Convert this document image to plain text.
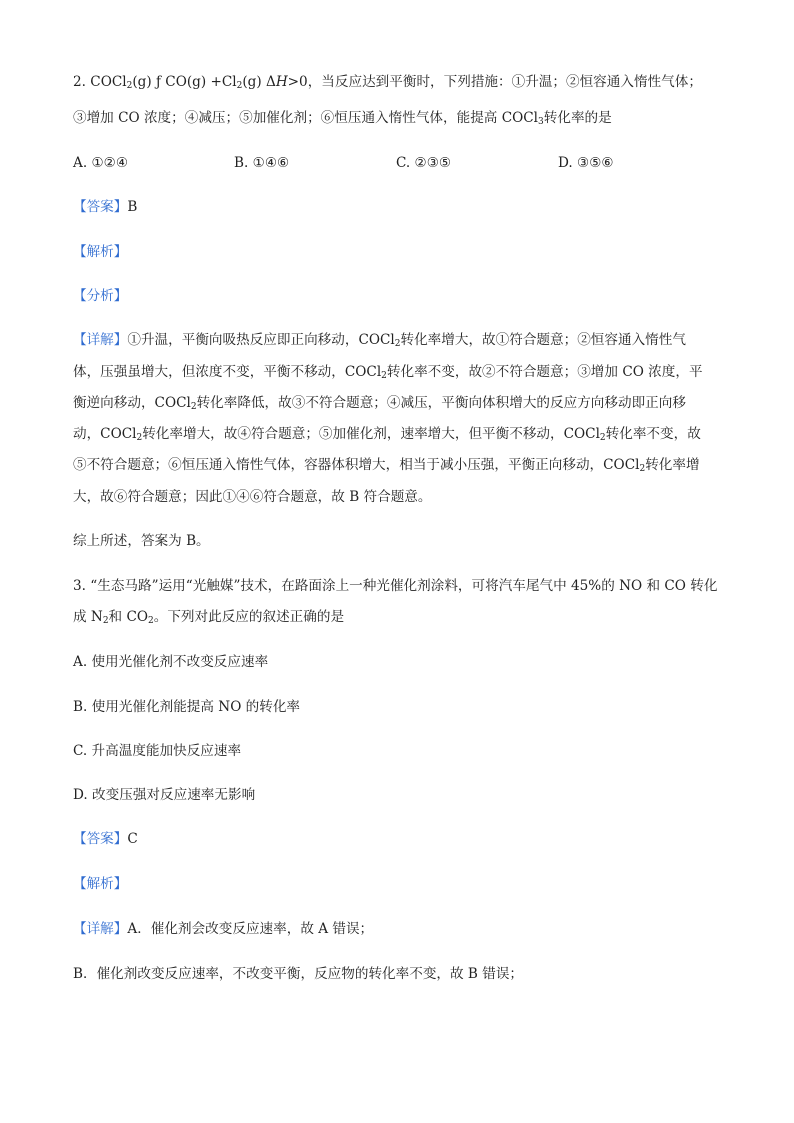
2. COCl$_2$(g) ƒ $CO(g) +Cl_2(g)$ ΔH>0，当反应达到平衡时，下列措施：①升温；②恒容通入惰性气体；
③增加 CO 浓度；④减压；⑤加催化剂；⑥恒压通入惰性气体，能提高 COCl$_3$转化率的是
A. ①②④	B. ①④⑥	C. ②③⑤	D. ③⑤⑥
【答案】B
【解析】
【分析】
【详解】①升温，平衡向吸热反应即正向移动，COCl$_2$转化率增大，故①符合题意；②恒容通入惰性气
体，压强虽增大，但浓度不变，平衡不移动，COCl$_2$转化率不变，故②不符合题意；③增加 CO 浓度，平
衡逆向移动，COCl$_2$转化率降低，故③不符合题意；④减压，平衡向体积增大的反应方向移动即正向移
动，COCl$_2$转化率增大，故④符合题意；⑤加催化剂，速率增大，但平衡不移动，COCl$_2$转化率不变，故
⑤不符合题意；⑥恒压通入惰性气体，容器体积增大，相当于减小压强，平衡正向移动，COCl$_2$转化率增
大，故⑥符合题意；因此①④⑥符合题意，故 B 符合题意。
综上所述，答案为 B。
3. “生态马路”运用“光触媒”技术，在路面涂上一种光催化剂涂料，可将汽车尾气中 45%的 NO 和 CO 转化
成 $N_2$和 $CO_2$。下列对此反应的叙述正确的是
A. 使用光催化剂不改变反应速率
B. 使用光催化剂能提高 NO 的转化率
C. 升高温度能加快反应速率
D. 改变压强对反应速率无影响
【答案】C
【解析】
【详解】A．催化剂会改变反应速率，故 A 错误；
B．催化剂改变反应速率，不改变平衡，反应物的转化率不变，故 B 错误；
